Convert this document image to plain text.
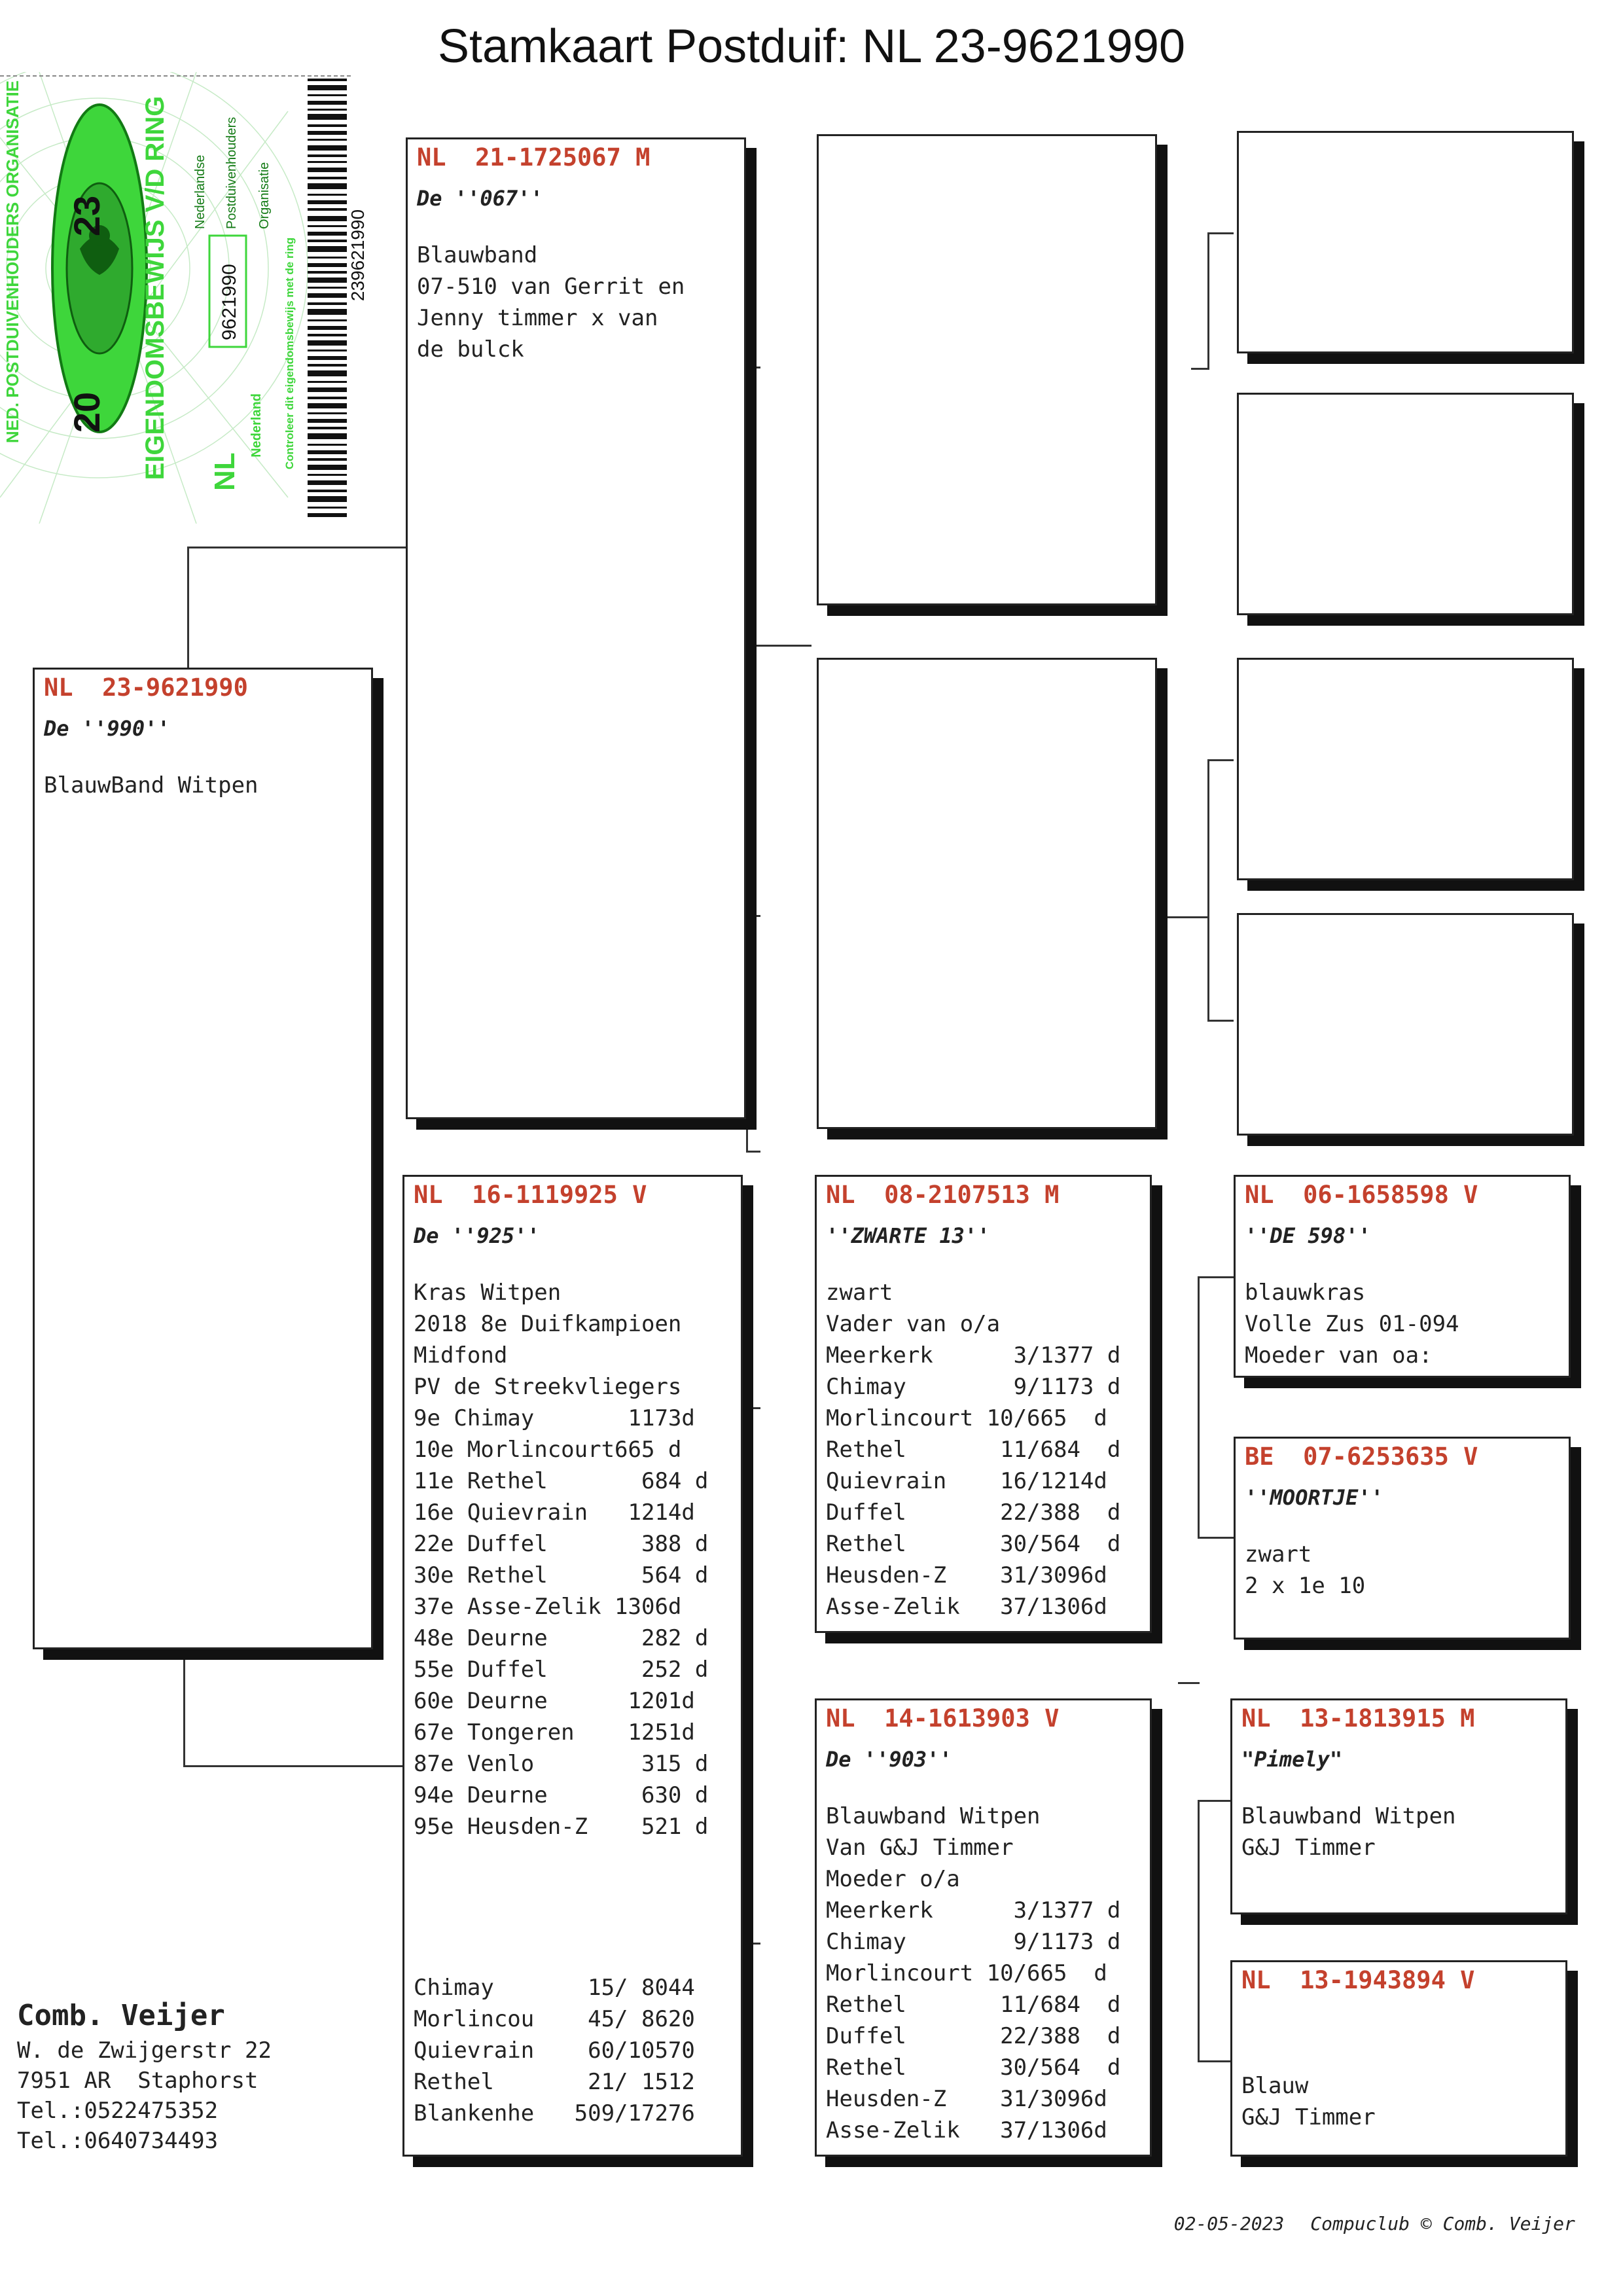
Stamkaart Postduif: NL 23-9621990
23
20
NED. POSTDUIVENHOUDERS ORGANISATIE	EIGENDOMSBEWIJS V/D RING NL
9621990
Nederland Controleer dit eigendomsbewijs met de ring
Nederlandse Postduivenhouders Organisatie
239621990
NL  23-9621990
De ''990''
BlauwBand Witpen
NL  21-1725067 M
De ''067''
Blauwband
07-510 van Gerrit en
Jenny timmer x van
de bulck
NL  16-1119925 V
De ''925''
Kras Witpen
2018 8e Duifkampioen
Midfond
PV de Streekvliegers
9e Chimay       1173d
10e Morlincourt665 d
11e Rethel       684 d
16e Quievrain   1214d
22e Duffel       388 d
30e Rethel       564 d
37e Asse-Zelik 1306d
48e Deurne       282 d
55e Duffel       252 d
60e Deurne      1201d
67e Tongeren    1251d
87e Venlo        315 d
94e Deurne       630 d
95e Heusden-Z    521 d
Chimay       15/ 8044
Morlincou    45/ 8620
Quievrain    60/10570
Rethel       21/ 1512
Blankenhe   509/17276
NL  08-2107513 M
''ZWARTE 13''
zwart
Vader van o/a
Meerkerk      3/1377 d
Chimay        9/1173 d
Morlincourt 10/665  d
Rethel       11/684  d
Quievrain    16/1214d
Duffel       22/388  d
Rethel       30/564  d
Heusden-Z    31/3096d
Asse-Zelik   37/1306d
NL  14-1613903 V
De ''903''
Blauwband Witpen
Van G&J Timmer
Moeder o/a
Meerkerk      3/1377 d
Chimay        9/1173 d
Morlincourt 10/665  d
Rethel       11/684  d
Duffel       22/388  d
Rethel       30/564  d
Heusden-Z    31/3096d
Asse-Zelik   37/1306d
NL  06-1658598 V
''DE 598''
blauwkras
Volle Zus 01-094
Moeder van oa:
BE  07-6253635 V
''MOORTJE''
zwart
2 x 1e 10
NL  13-1813915 M
"Pimely"
Blauwband Witpen
G&J Timmer
NL  13-1943894 V
Blauw
G&J Timmer
Comb. Veijer
W. de Zwijgerstr 22
7951 AR  Staphorst
Tel.:0522475352
Tel.:0640734493

02-05-2023 Compuclub © Comb. Veijer
